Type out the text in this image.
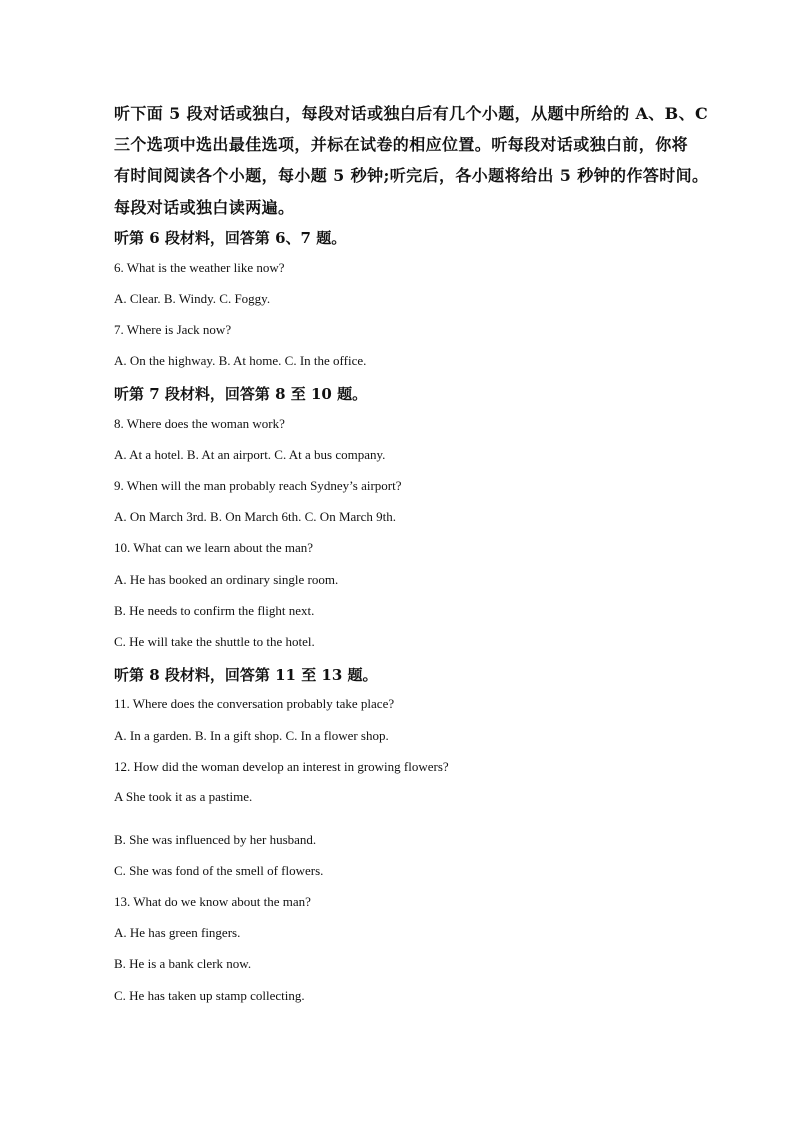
听下面 5 段对话或独白，每段对话或独白后有几个小题，从题中所给的 A、B、C
三个选项中选出最佳选项，并标在试卷的相应位置。听每段对话或独白前，你将
有时间阅读各个小题，每小题 5 秒钟;听完后，各小题将给出 5 秒钟的作答时间。
每段对话或独白读两遍。
听第 6 段材料，回答第 6、7 题。
6. What is the weather like now?
A. Clear. B. Windy. C. Foggy.
7. Where is Jack now?
A. On the highway. B. At home. C. In the office.
听第 7 段材料，回答第 8 至 10 题。
8. Where does the woman work?
A. At a hotel. B. At an airport. C. At a bus company.
9. When will the man probably reach Sydney’s airport?
A. On March 3rd. B. On March 6th. C. On March 9th.
10. What can we learn about the man?
A. He has booked an ordinary single room.
B. He needs to confirm the flight next.
C. He will take the shuttle to the hotel.
听第 8 段材料，回答第 11 至 13 题。
11. Where does the conversation probably take place?
A. In a garden. B. In a gift shop. C. In a flower shop.
12. How did the woman develop an interest in growing flowers?
A She took it as a pastime.
B. She was influenced by her husband.
C. She was fond of the smell of flowers.
13. What do we know about the man?
A. He has green fingers.
B. He is a bank clerk now.
C. He has taken up stamp collecting.
